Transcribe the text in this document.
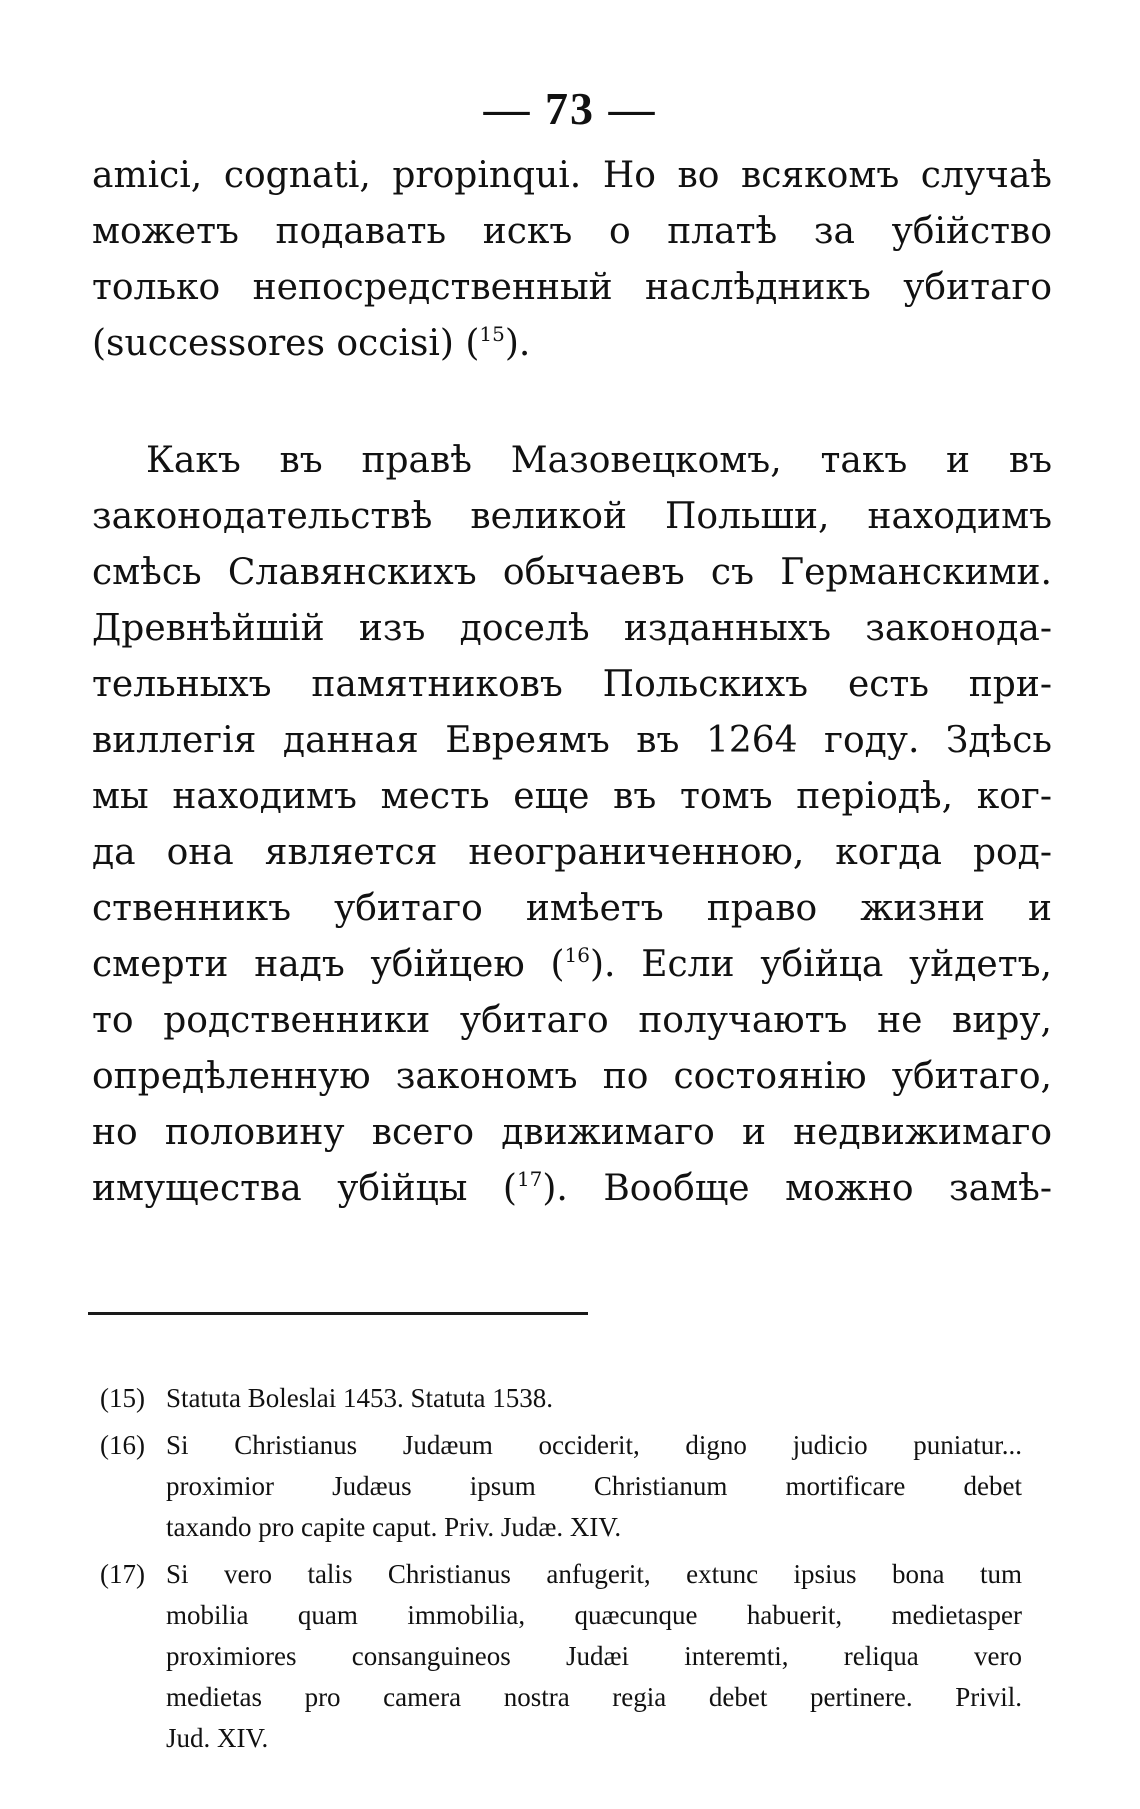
— 73 —
amici, cognati, propinqui. Но во всякомъ случаѣ
можетъ подавать искъ о платѣ за убійство
только непосредственный наслѣдникъ убитаго
(successores occisi) ($^{15}$).
Какъ въ правѣ Мазовецкомъ, такъ и въ
законодательствѣ великой Польши, находимъ
смѣсь Славянскихъ обычаевъ съ Германскими.
Древнѣйшій изъ доселѣ изданныхъ законода-
тельныхъ памятниковъ Польскихъ есть при-
виллегія данная Евреямъ въ 1264 году. Здѣсь
мы находимъ месть еще въ томъ періодѣ, ког-
да она является неограниченною, когда род-
ственникъ убитаго имѣетъ право жизни и
смерти надъ убійцею ($^{16}$). Если убійца уйдетъ,
то родственники убитаго получаютъ не виру,
опредѣленную закономъ по состоянію убитаго,
но половину всего движимаго и недвижимаго
имущества убійцы ($^{17}$). Вообще можно замѣ-
(15) Statuta Boleslai 1453. Statuta 1538.
(16) Si Christianus Judæum occiderit, digno judicio puniatur...
proximior Judæus ipsum Christianum mortificare debet
taxando pro capite caput. Priv. Judæ. XIV.
(17) Si vero talis Christianus anfugerit, extunc ipsius bona tum
mobilia quam immobilia, quæcunque habuerit, medietasper
proximiores consanguineos Judæi interemti, reliqua vero
medietas pro camera nostra regia debet pertinere. Privil.
Jud. XIV.
